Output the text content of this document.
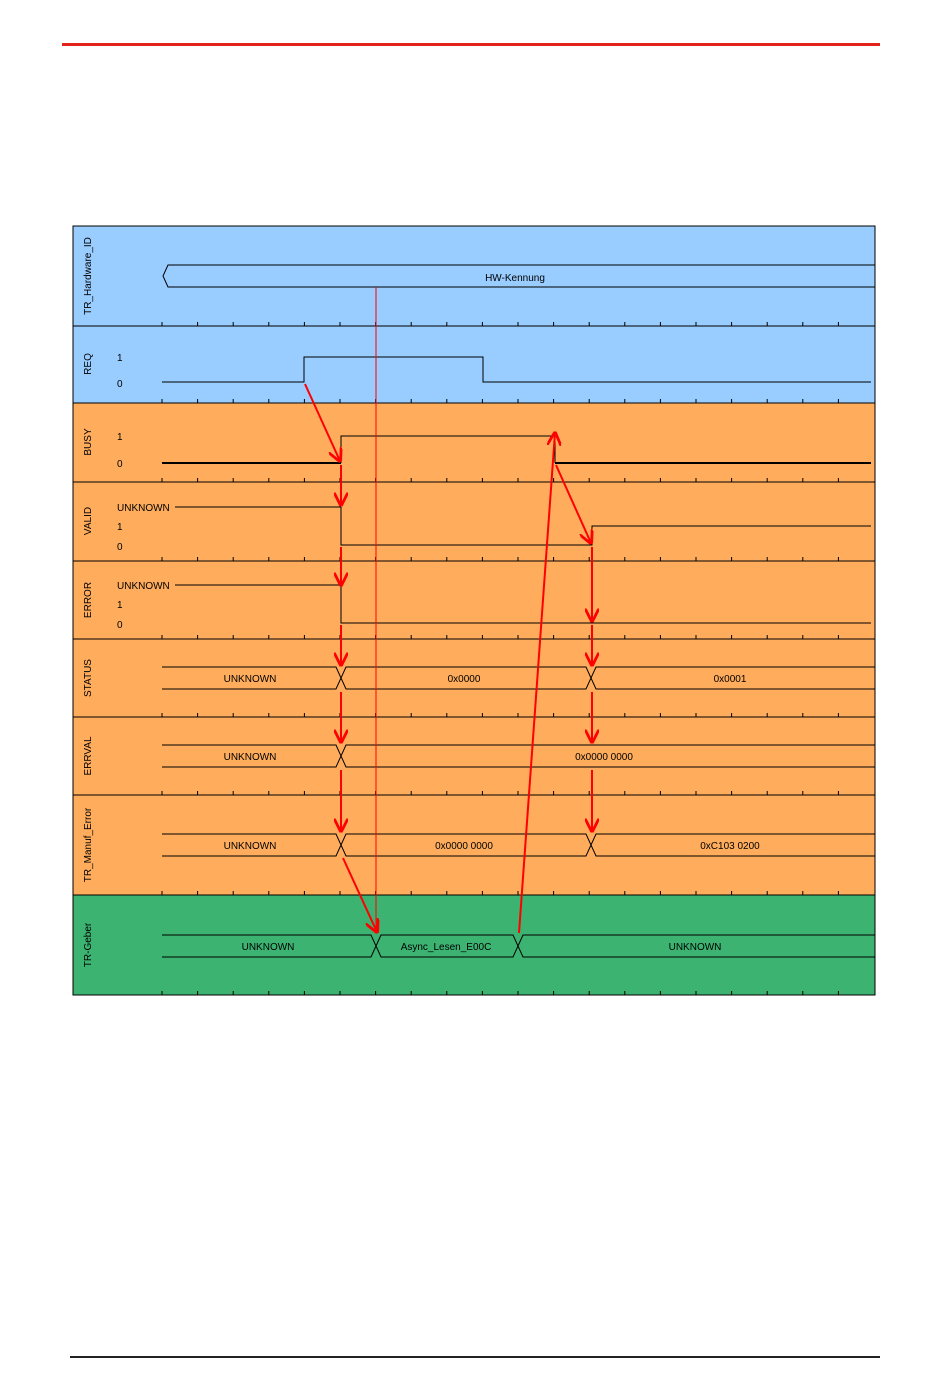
TR_Hardware_ID
REQ
BUSY
VALID
ERROR
STATUS
ERRVAL
TR_Manuf_Error
TR-Geber
1
0
1
0
UNKNOWN
1
0
UNKNOWN
1
0
HW-Kennung
UNKNOWN	0x0000	0x0001
UNKNOWN	0x0000 0000
UNKNOWN	0x0000 0000	0xC103 0200
UNKNOWN	Async_Lesen_E00C	UNKNOWN
